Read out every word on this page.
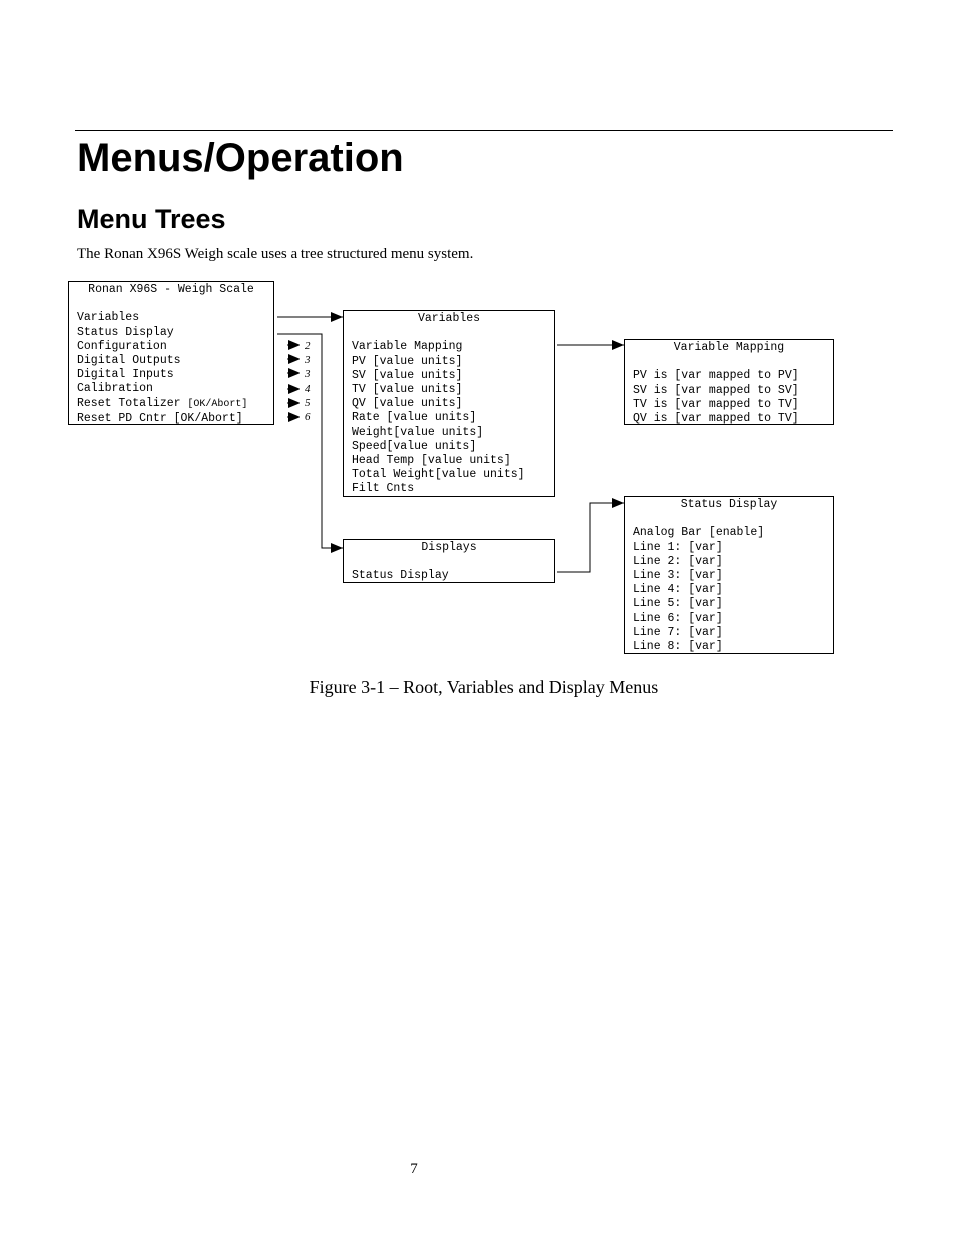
Menus/Operation
Menu Trees
The Ronan X96S Weigh scale uses a tree structured menu system.
2
3
3
4
5
6
Ronan X96S - Weigh Scale
Variables
Status Display
Configuration
Digital Outputs
Digital Inputs
Calibration
Reset Totalizer [OK/Abort]
Reset PD Cntr [OK/Abort]
Variables
Variable Mapping
PV [value units]
SV [value units]
TV [value units]
QV [value units]
Rate [value units]
Weight[value units]
Speed[value units]
Head Temp [value units]
Total Weight[value units]
Filt Cnts
Variable Mapping
PV is [var mapped to PV]
SV is [var mapped to SV]
TV is [var mapped to TV]
QV is [var mapped to TV]
Displays
Status Display
Status Display
Analog Bar [enable]
Line 1: [var]
Line 2: [var]
Line 3: [var]
Line 4: [var]
Line 5: [var]
Line 6: [var]
Line 7: [var]
Line 8: [var]
Figure 3-1 – Root, Variables and Display Menus
7
